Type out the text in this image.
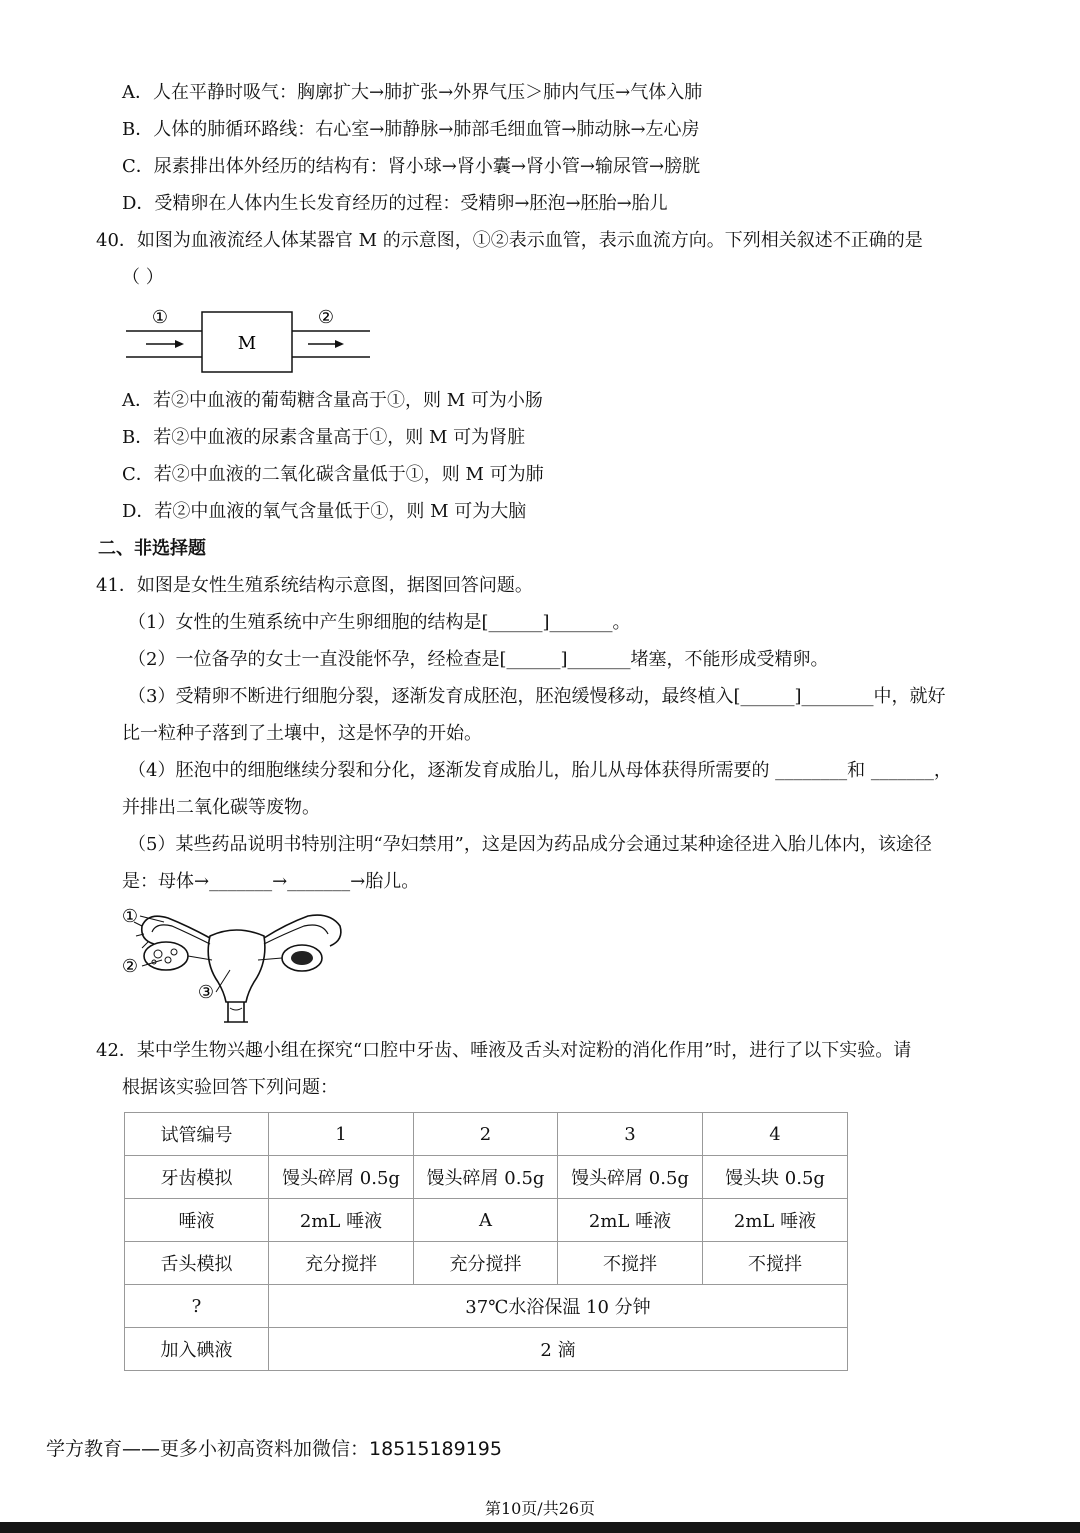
A．人在平静时吸气：胸廓扩大→肺扩张→外界气压＞肺内气压→气体入肺
B．人体的肺循环路线：右心室→肺静脉→肺部毛细血管→肺动脉→左心房
C．尿素排出体外经历的结构有：肾小球→肾小囊→肾小管→输尿管→膀胱
D．受精卵在人体内生长发育经历的过程：受精卵→胚泡→胚胎→胎儿
40．如图为血液流经人体某器官 M 的示意图，①②表示血管，表示血流方向。下列相关叙述不正确的是
（ ）
①
M
②
A．若②中血液的葡萄糖含量高于①，则 M 可为小肠
B．若②中血液的尿素含量高于①，则 M 可为肾脏
C．若②中血液的二氧化碳含量低于①，则 M 可为肺
D．若②中血液的氧气含量低于①，则 M 可为大脑
二、非选择题
41．如图是女性生殖系统结构示意图，据图回答问题。
（1）女性的生殖系统中产生卵细胞的结构是[______]_______。
（2）一位备孕的女士一直没能怀孕，经检查是[______]_______堵塞，不能形成受精卵。
（3）受精卵不断进行细胞分裂，逐渐发育成胚泡，胚泡缓慢移动，最终植入[______]________中，就好
比一粒种子落到了土壤中，这是怀孕的开始。
（4）胚泡中的细胞继续分裂和分化，逐渐发育成胎儿，胎儿从母体获得所需要的 ________和 _______，
并排出二氧化碳等废物。
（5）某些药品说明书特别注明“孕妇禁用”，这是因为药品成分会通过某种途径进入胎儿体内，该途径
是：母体→_______→_______→胎儿。
①
②
③
42．某中学生物兴趣小组在探究“口腔中牙齿、唾液及舌头对淀粉的消化作用”时，进行了以下实验。请
根据该实验回答下列问题：
试管编号	1	2	3	4
牙齿模拟	馒头碎屑 0.5g	馒头碎屑 0.5g	馒头碎屑 0.5g	馒头块 0.5g
唾液	2mL 唾液	A	2mL 唾液	2mL 唾液
舌头模拟	充分搅拌	充分搅拌	不搅拌	不搅拌
?	37℃水浴保温 10 分钟			
加入碘液	2 滴			
学方教育——更多小初高资料加微信：18515189195
第10页/共26页
